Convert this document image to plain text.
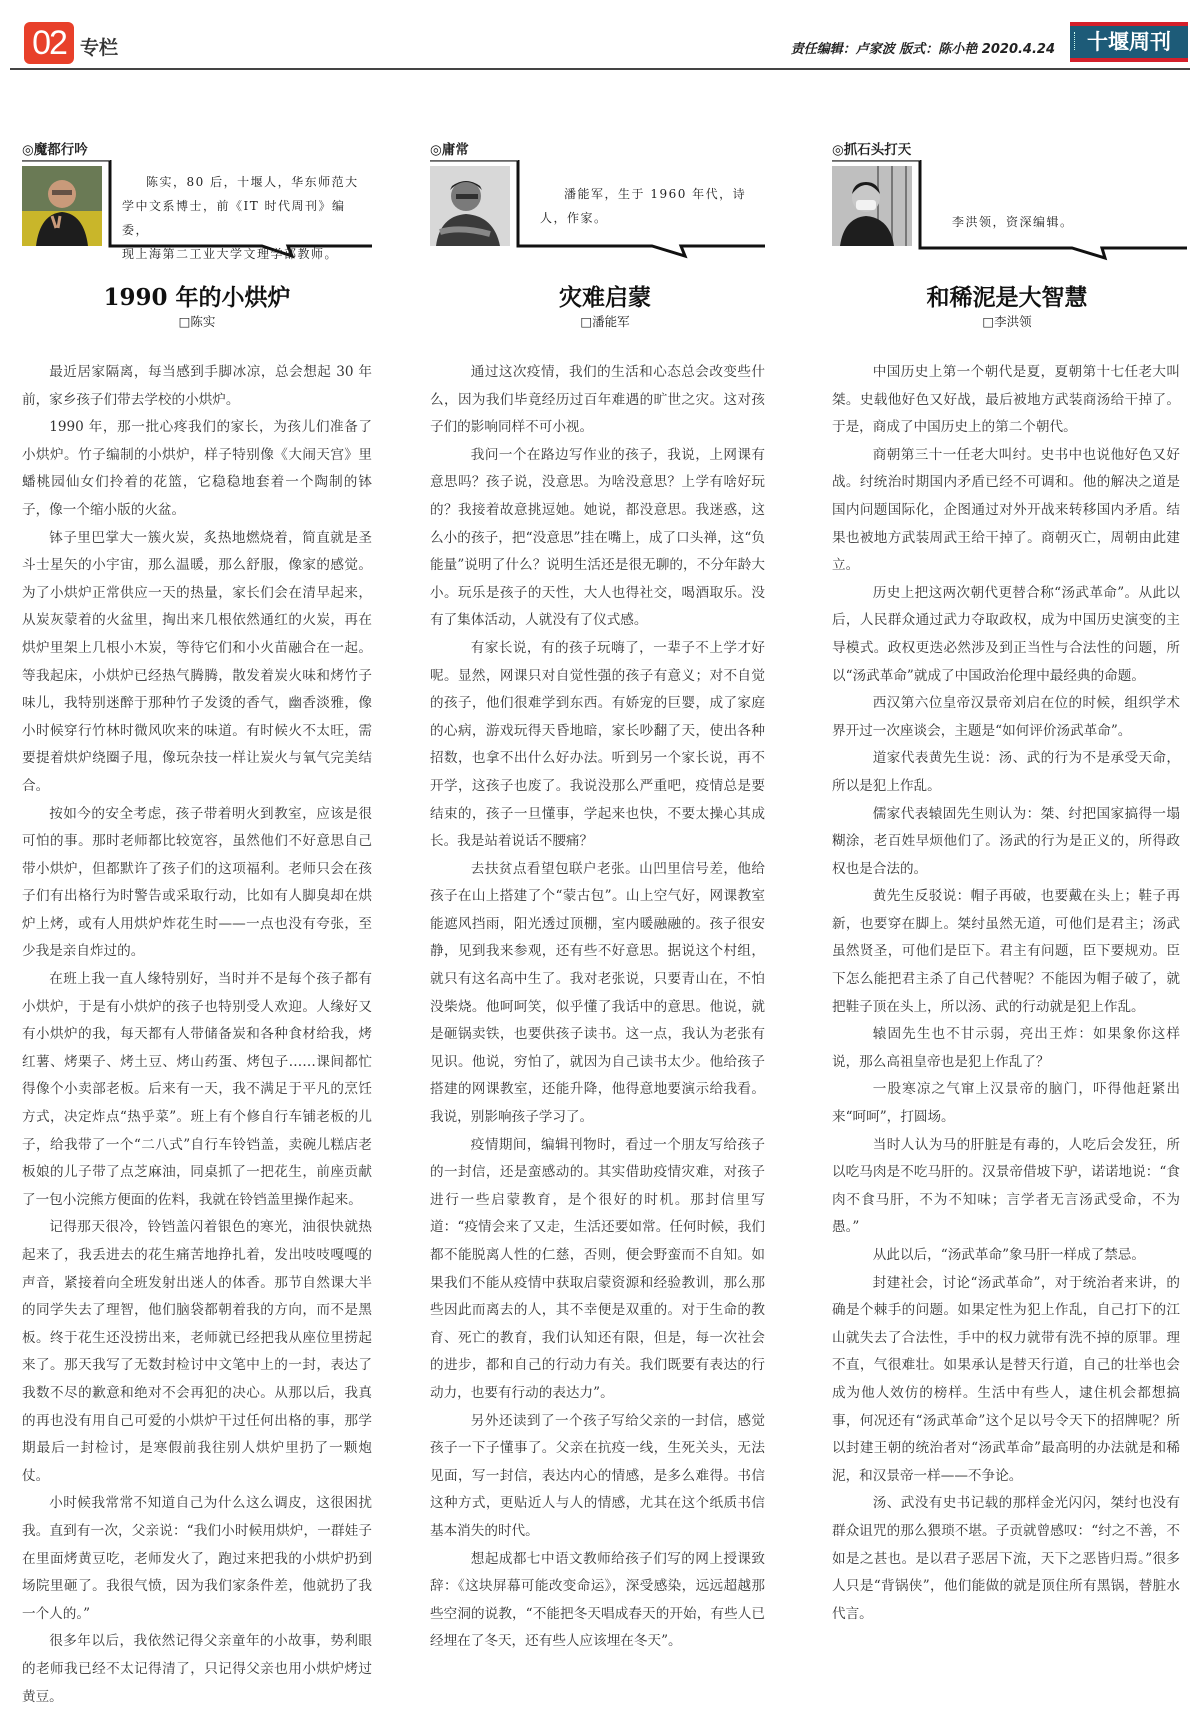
02 专栏	责任编辑：卢家波 版式：陈小艳 2020.4.24	十堰周刊
◎魔都行吟
陈实，80 后，十堰人，华东师范大
学中文系博士，前《IT 时代周刊》编委，
现上海第二工业大学文理学部教师。
1990 年的小烘炉
□陈实

最近居家隔离，每当感到手脚冰凉，总会想起 30 年前，家乡孩子们带去学校的小烘炉。

1990 年，那一批心疼我们的家长，为孩儿们准备了小烘炉。竹子编制的小烘炉，样子特别像《大闹天宫》里蟠桃园仙女们拎着的花篮，它稳稳地套着一个陶制的钵子，像一个缩小版的火盆。

钵子里巴掌大一簇火炭，炙热地燃烧着，简直就是圣斗士星矢的小宇宙，那么温暖，那么舒服，像家的感觉。为了小烘炉正常供应一天的热量，家长们会在清早起来，从炭灰蒙着的火盆里，掏出来几根依然通红的火炭，再在烘炉里架上几根小木炭，等待它们和小火苗融合在一起。等我起床，小烘炉已经热气腾腾，散发着炭火味和烤竹子味儿，我特别迷醉于那种竹子发烫的香气，幽香淡雅，像小时候穿行竹林时微风吹来的味道。有时候火不太旺，需要提着烘炉绕圈子甩，像玩杂技一样让炭火与氧气完美结合。

按如今的安全考虑，孩子带着明火到教室，应该是很可怕的事。那时老师都比较宽容，虽然他们不好意思自己带小烘炉，但都默许了孩子们的这项福利。老师只会在孩子们有出格行为时警告或采取行动，比如有人脚臭却在烘炉上烤，或有人用烘炉炸花生时——一点也没有夸张，至少我是亲自炸过的。

在班上我一直人缘特别好，当时并不是每个孩子都有小烘炉，于是有小烘炉的孩子也特别受人欢迎。人缘好又有小烘炉的我，每天都有人带储备炭和各种食材给我，烤红薯、烤栗子、烤土豆、烤山药蛋、烤包子……课间都忙得像个小卖部老板。后来有一天，我不满足于平凡的烹饪方式，决定炸点“热乎菜”。班上有个修自行车铺老板的儿子，给我带了一个“二八式”自行车铃铛盖，卖碗儿糕店老板娘的儿子带了点芝麻油，同桌抓了一把花生，前座贡献了一包小浣熊方便面的佐料，我就在铃铛盖里操作起来。

记得那天很冷，铃铛盖闪着银色的寒光，油很快就热起来了，我丢进去的花生痛苦地挣扎着，发出吱吱嘎嘎的声音，紧接着向全班发射出迷人的体香。那节自然课大半的同学失去了理智，他们脑袋都朝着我的方向，而不是黑板。终于花生还没捞出来，老师就已经把我从座位里捞起来了。那天我写了无数封检讨中文笔中上的一封，表达了我数不尽的歉意和绝对不会再犯的决心。从那以后，我真的再也没有用自己可爱的小烘炉干过任何出格的事，那学期最后一封检讨，是寒假前我往别人烘炉里扔了一颗炮仗。

小时候我常常不知道自己为什么这么调皮，这很困扰我。直到有一次，父亲说：“我们小时候用烘炉，一群娃子在里面烤黄豆吃，老师发火了，跑过来把我的小烘炉扔到场院里砸了。我很气愤，因为我们家条件差，他就扔了我一个人的。”

很多年以后，我依然记得父亲童年的小故事，势利眼的老师我已经不太记得清了，只记得父亲也用小烘炉烤过黄豆。

◎庸常
潘能军，生于 1960 年代，诗
人，作家。
灾难启蒙
□潘能军

通过这次疫情，我们的生活和心态总会改变些什么，因为我们毕竟经历过百年难遇的旷世之灾。这对孩子们的影响同样不可小视。

我问一个在路边写作业的孩子，我说，上网课有意思吗？孩子说，没意思。为啥没意思？上学有啥好玩的？我接着故意挑逗她。她说，都没意思。我迷惑，这么小的孩子，把“没意思”挂在嘴上，成了口头禅，这“负能量”说明了什么？说明生活还是很无聊的，不分年龄大小。玩乐是孩子的天性，大人也得社交，喝酒取乐。没有了集体活动，人就没有了仪式感。

有家长说，有的孩子玩嗨了，一辈子不上学才好呢。显然，网课只对自觉性强的孩子有意义；对不自觉的孩子，他们很难学到东西。有娇宠的巨婴，成了家庭的心病，游戏玩得天昏地暗，家长吵翻了天，使出各种招数，也拿不出什么好办法。听到另一个家长说，再不开学，这孩子也废了。我说没那么严重吧，疫情总是要结束的，孩子一旦懂事，学起来也快，不要太操心其成长。我是站着说话不腰痛？

去扶贫点看望包联户老张。山凹里信号差，他给孩子在山上搭建了个“蒙古包”。山上空气好，网课教室能遮风挡雨，阳光透过顶棚，室内暖融融的。孩子很安静，见到我来参观，还有些不好意思。据说这个村组，就只有这名高中生了。我对老张说，只要青山在，不怕没柴烧。他呵呵笑，似乎懂了我话中的意思。他说，就是砸锅卖铁，也要供孩子读书。这一点，我认为老张有见识。他说，穷怕了，就因为自己读书太少。他给孩子搭建的网课教室，还能升降，他得意地要演示给我看。我说，别影响孩子学习了。

疫情期间，编辑刊物时，看过一个朋友写给孩子的一封信，还是蛮感动的。其实借助疫情灾难，对孩子进行一些启蒙教育，是个很好的时机。那封信里写道：“疫情会来了又走，生活还要如常。任何时候，我们都不能脱离人性的仁慈，否则，便会野蛮而不自知。如果我们不能从疫情中获取启蒙资源和经验教训，那么那些因此而离去的人，其不幸便是双重的。对于生命的教育、死亡的教育，我们认知还有限，但是，每一次社会的进步，都和自己的行动力有关。我们既要有表达的行动力，也要有行动的表达力”。

另外还读到了一个孩子写给父亲的一封信，感觉孩子一下子懂事了。父亲在抗疫一线，生死关头，无法见面，写一封信，表达内心的情感，是多么难得。书信这种方式，更贴近人与人的情感，尤其在这个纸质书信基本消失的时代。

想起成都七中语文教师给孩子们写的网上授课致辞：《这块屏幕可能改变命运》，深受感染，远远超越那些空洞的说教，“不能把冬天唱成春天的开始，有些人已经埋在了冬天，还有些人应该埋在冬天”。

◎抓石头打天
李洪领，资深编辑。
和稀泥是大智慧
□李洪领

中国历史上第一个朝代是夏，夏朝第十七任老大叫桀。史载他好色又好战，最后被地方武装商汤给干掉了。于是，商成了中国历史上的第二个朝代。

商朝第三十一任老大叫纣。史书中也说他好色又好战。纣统治时期国内矛盾已经不可调和。他的解决之道是国内问题国际化，企图通过对外开战来转移国内矛盾。结果也被地方武装周武王给干掉了。商朝灭亡，周朝由此建立。

历史上把这两次朝代更替合称“汤武革命”。从此以后，人民群众通过武力夺取政权，成为中国历史演变的主导模式。政权更迭必然涉及到正当性与合法性的问题，所以“汤武革命”就成了中国政治伦理中最经典的命题。

西汉第六位皇帝汉景帝刘启在位的时候，组织学术界开过一次座谈会，主题是“如何评价汤武革命”。

道家代表黄先生说：汤、武的行为不是承受天命，所以是犯上作乱。

儒家代表辕固先生则认为：桀、纣把国家搞得一塌糊涂，老百姓早烦他们了。汤武的行为是正义的，所得政权也是合法的。

黄先生反驳说：帽子再破，也要戴在头上；鞋子再新，也要穿在脚上。桀纣虽然无道，可他们是君主；汤武虽然贤圣，可他们是臣下。君主有问题，臣下要规劝。臣下怎么能把君主杀了自己代替呢？不能因为帽子破了，就把鞋子顶在头上，所以汤、武的行动就是犯上作乱。

辕固先生也不甘示弱，亮出王炸：如果象你这样说，那么高祖皇帝也是犯上作乱了？

一股寒凉之气窜上汉景帝的脑门，吓得他赶紧出来“呵呵”，打圆场。

当时人认为马的肝脏是有毒的，人吃后会发狂，所以吃马肉是不吃马肝的。汉景帝借坡下驴，诺诺地说：“食肉不食马肝，不为不知味；言学者无言汤武受命，不为愚。”

从此以后，“汤武革命”象马肝一样成了禁忌。

封建社会，讨论“汤武革命”，对于统治者来讲，的确是个棘手的问题。如果定性为犯上作乱，自己打下的江山就失去了合法性，手中的权力就带有洗不掉的原罪。理不直，气很难壮。如果承认是替天行道，自己的壮举也会成为他人效仿的榜样。生活中有些人，逮住机会都想搞事，何况还有“汤武革命”这个足以号令天下的招牌呢？所以封建王朝的统治者对“汤武革命”最高明的办法就是和稀泥，和汉景帝一样——不争论。

汤、武没有史书记载的那样金光闪闪，桀纣也没有群众诅咒的那么猥琐不堪。子贡就曾感叹：“纣之不善，不如是之甚也。是以君子恶居下流，天下之恶皆归焉。”很多人只是“背锅侠”，他们能做的就是顶住所有黑锅，替脏水代言。
